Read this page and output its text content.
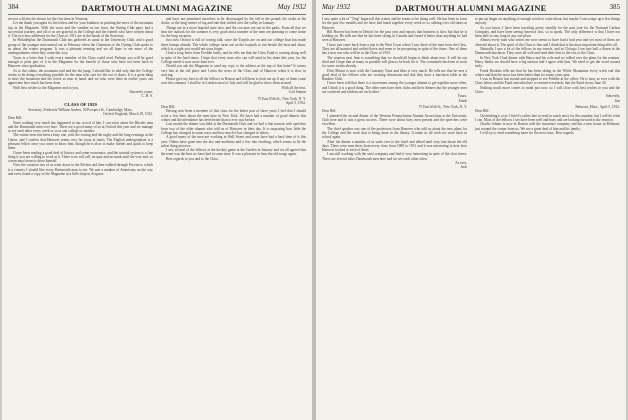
384	DARTMOUTH ALUMNI MAGAZINE	May 1932

service will also be shown for the first time in Vermont.

Let me thank you again for the letters and for your kindness in printing the news of the mountain trip in the Magazine. With the snow and the weather in our favor the Outing Club party had a successful journey, and all of us are grateful to the College and the friends who have written about it. The two new addresses for the Class of 1911 are in the hands of the Secretary.

In Philadelphia the Dartmouth Club has gathered as usual at the University Club, and a good group of the younger men turned out in February when the Chairman of the Outing Club spoke to us about the winter program. It was a pleasant evening and we all hope to see more of the undergraduates when they come this way.

Yours is a letter that I wish every member of the Class could read. Perhaps you will be good enough to print part of it in the Magazine for the benefit of those who have not been back to Hanover since graduation.

As to the cabins, the mountain trail and the ski jump, I should like to add only that the College seems to be doing everything possible for the men who care for the out of doors. It is a great thing to have the mountain and the forest so near at hand, and we who were there in earlier years can appreciate how much has been done.

With best wishes to the Magazine and to you,

Sincerely yours,

C. H. S.

CLASS OF 1929

Secretary, Frederick William Andres, 30 Prospect St., Cambridge, Mass.

Oxford, England, March 18, 1932.

Dear Bill:

Since nothing very much has happened to our crowd of late, I can write about the Rhodes men and the Dartmouth men over here. There are a good many of us at Oxford this year and we manage to see each other every week or so at one college or another.

The winter term has been a busy one, with the rowing and the rugby and the long evenings at the Union, and I confess that Hanover seems very far away at times. The English undergraduate is a pleasant fellow once you come to know him, though he is slow to make friends and quick to keep them.

I have been reading a good deal of history and some economics, and the tutorial system is a fine thing if you are willing to work at it. There is no roll call, no quiz and no mark until the very end, so a man must learn to drive himself.

Over the vacation two of us went down to the Riviera and then walked through Provence, which is a country I should like every Dartmouth man to see. We met a number of Americans on the way and even found a copy of the Magazine in a little shop in Avignon.

and have not permitted ourselves to be discouraged by the fall in the pound, the strike at the docks, or the long winter of fog and rain that settled over the valley in January.

Things are in a more hopeful state now, and the crocuses are out in the parks. From all that we hear the outlook for the summer is very good and a number of the men are planning to come home for the long vacation.

Just now Oxford is full of rowing talk, since the Torpids are on and our college boat has made three bumps already. The whole college turns out on the towpath to run beside the boat and shout, which is a sight you would not soon forget.

I had a long letter from Freddie lately, and he tells me that the Class Fund is coming along well in spite of the hard times. I hope that every man who can will send in his share this year, for the College needs it now more than ever.

Would you ask the Magazine to send my copy to the address at the top of this letter? It comes very late at the old place and I miss the news of the Class and of Hanover when it is slow in arriving.

Please give my best to all the fellows in Boston and tell them to look me up if any of them come over this summer. I shall be in London most of July and will be glad to show them around.

With all the best,

Carl Stamm

75 East 65th St., New York, N. Y.

April 3, 1932.

Dear Bill:

Having now been a member of this class for the better part of three years I feel that I should write a few lines about the men here in New York. We have had a number of good dinners this winter and the attendance has been better than it ever was before.

Last month the dinner was held at the Dartmouth Club and we had a fine turnout with speeches from two of the older alumni who told us of Hanover in their day. It is surprising how little the College has changed in some ways and how much it has changed in others.

A good many of the men are working in Wall Street and some have had a hard time of it this year. Others have gone into the law and medicine and a few into teaching, which seems to be the safest thing just now.

I saw several of the fellows at the hockey game at the Garden in January and we all agreed that the team was the best we have had in some time. It was a pleasure to hear the old songs again.

Best regards to you and to the Class.

May 1932	DARTMOUTH ALUMNI MAGAZINE	385

I saw quite a lot of "Ting" Ingersoll this winter and he seems to be doing well. He has been in town for the past few months and we have had lunch together every week or so, talking over old times at Hanover.

Bill Hoover has been in Detroit for the past year and reports that business is slow but that he is holding on. He tells me that he has been skiing in Canada and found it better than anything he had seen at Hanover.

I have just come back from a trip to the West Coast where I saw three of the men from the Class. They are all married and settled down and seem to be prospering in spite of the times. One of them has a new son who will be in the Class of 1953.

The reunion next June is something that we should all begin to think about now. It will be our third and I hope that as many as possible will plan to be back for it. The committee has been at work for some weeks already.

Dick Mason is now with the Guaranty Trust and likes it very much. He tells me that he sees a good deal of the fellows who are working downtown and that they have a luncheon table at the Bankers Club.

I have been told that there is a movement among the younger alumni to get together more often, and I think it is a good thing. The older men have their clubs and their dinners but the younger ones are scattered and seldom see each other.

Yours,

Frank

75 East 65th St., New York, N. Y.

Dear Bill:

I attended the second dinner of the Western Pennsylvania Alumni Association at the University Club here and it was a great success. There were about forty men present and the speeches were excellent.

The chief speaker was one of the professors from Hanover who told us about the new plans for the College and the work that is being done in the library. It made us all wish we were back in school again.

After the dinner a number of us went over to the hotel and talked until very late about the old days. There were men there from every class from 1890 to 1931 and it was interesting to hear how Hanover looked to each of them.

I am still working with the steel company and find it very interesting in spite of the slow times. There are several other Dartmouth men here and we see each other often.

As ever,

Jack

to put up finger on anything of enough worth to write about, but maybe I can scrape up a few things anyway.

As you know, I have been traveling pretty steadily for the past year for the National Carbon Company, and have been seeing America first, so to speak. The only difference is that I have not been able to stay long in any one place.

Almost every man who writes me now seems to have had a bad year and yet most of them are cheerful about it. The spirit of the Class is fine and I think that is the most important thing after all.

Naturally I saw a lot of the fellows in my travels, and in Chicago I ran into half a dozen at the Dartmouth luncheon. They were all well and send their best to the rest of the Class.

In New York I had dinner with Harry and his wife and we talked over the plans for the reunion. Harry thinks we should have a big turnout and I agree with him. We need to get the word around early.

Frank Hoskins tells me that he has been skiing in the White Mountains every week end this winter and that the snow has been better than for many years past.

I was in Boston last month and stopped to see Freddie at the office. He is busy as ever with the Class letters and the Fund and asked me to remind everybody that the Fund closes June 30.

Nothing much more comes to mind just now, so I will close with best wishes to you and the Class.

Sincerely,

Jim

Belmont, Mass., April 5, 1932.

Dear Bill:

On thinking it over I find it's rather late to send in much news for this number, but I will do what I can. Most of the fellows I see have been well and busy and are looking forward to the reunion.

Charlie Adams is now in Boston with the insurance company and has a new house in Belmont, just around the corner from us. We see a great deal of him and his family.

I will try to send something more for the next issue. Best regards.
